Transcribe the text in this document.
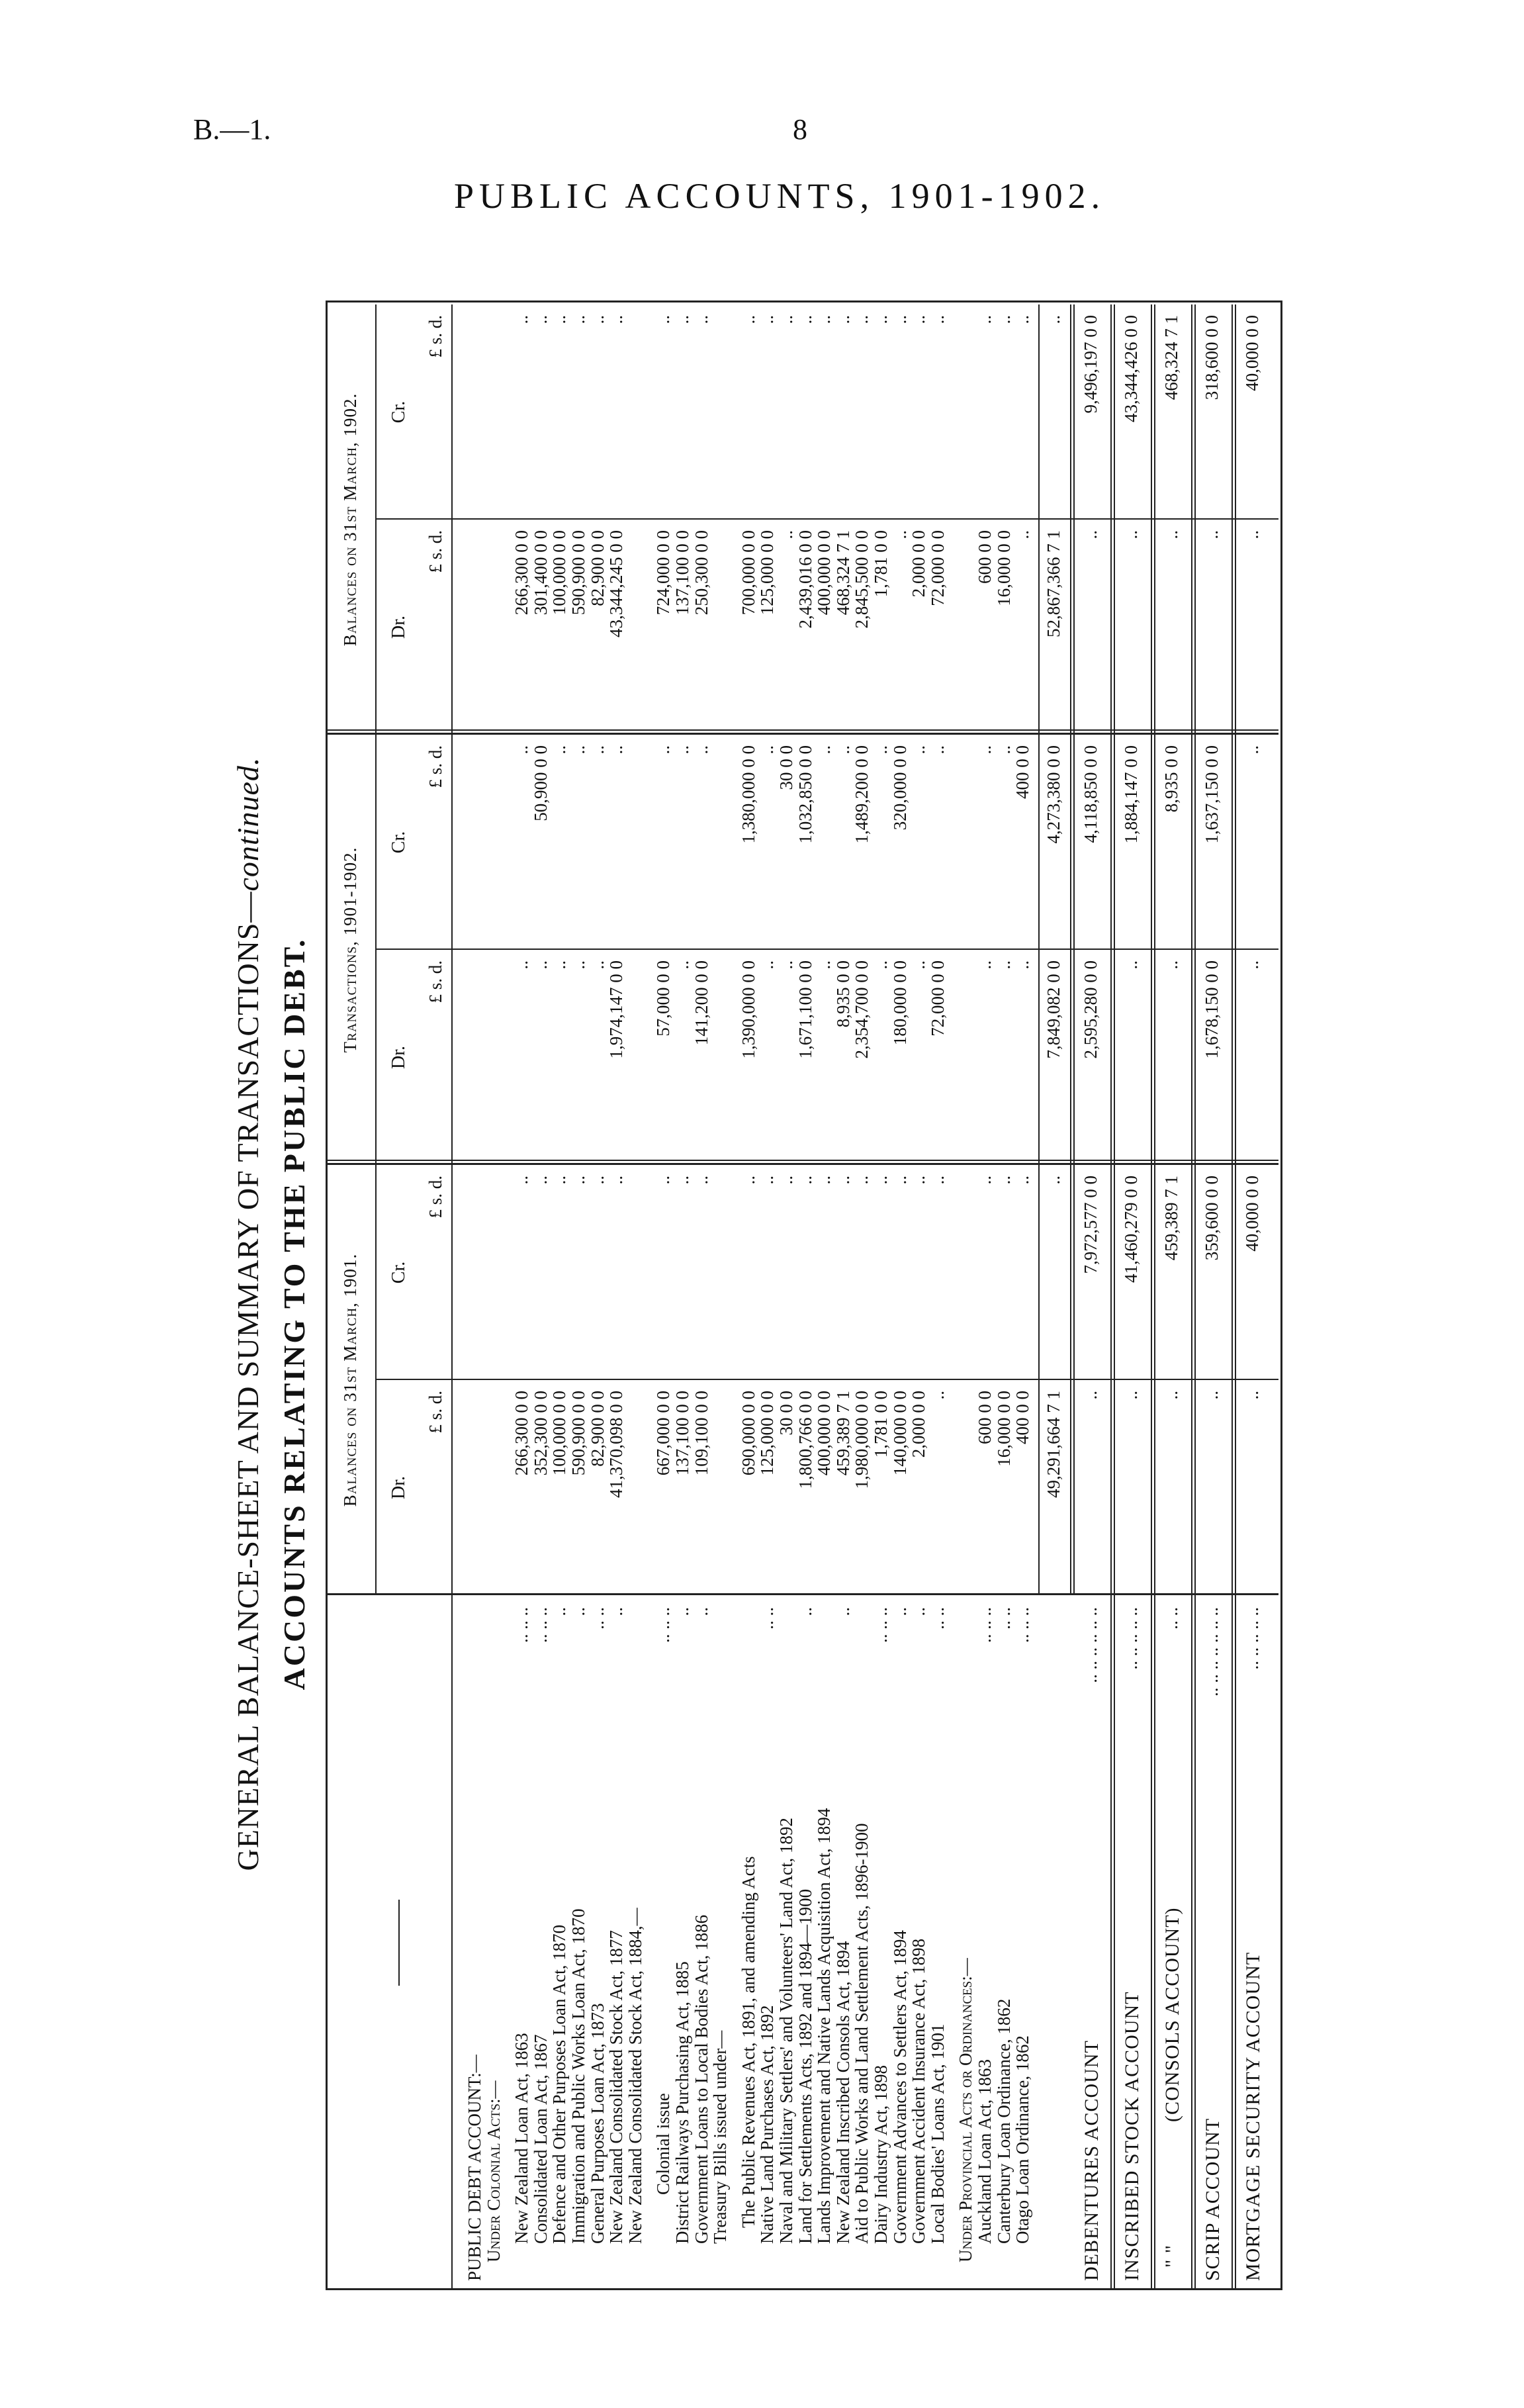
B.—1.	8
PUBLIC ACCOUNTS, 1901-1902.
GENERAL BALANCE-SHEET AND SUMMARY OF TRANSACTIONS—continued.
ACCOUNTS RELATING TO THE PUBLIC DEBT. Balances on 31st March, 1901.
Transactions, 1901-1902.
Balances on 31st March, 1902.
Dr.
£ s. d.
Cr.
£ s. d.
Dr.
£ s. d.
Cr.
£ s. d.
Dr.
£ s. d.
Cr.
£ s. d.
PUBLIC DEBT ACCOUNT:—
Under Colonial Acts:— New Zealand Loan Act, 1863
.. .. ..
266,300 0 0
..
..
..
266,300 0 0
..
Consolidated Loan Act, 1867
.. .. ..
352,300 0 0
..
..
50,900 0 0
301,400 0 0
..
Defence and Other Purposes Loan Act, 1870
..
100,000 0 0
..
..
..
100,000 0 0
..
Immigration and Public Works Loan Act, 1870
..
590,900 0 0
..
..
..
590,900 0 0
..
General Purposes Loan Act, 1873
.. ..
82,900 0 0
..
..
..
82,900 0 0
..
New Zealand Consolidated Stock Act, 1877
..
41,370,098 0 0
..
1,974,147 0 0
..
43,344,245 0 0
..
New Zealand Consolidated Stock Act, 1884,— Colonial issue
.. .. ..
667,000 0 0
..
57,000 0 0
..
724,000 0 0
..
District Railways Purchasing Act, 1885
..
137,100 0 0
..
..
..
137,100 0 0
..
Government Loans to Local Bodies Act, 1886
..
109,100 0 0
..
141,200 0 0
..
250,300 0 0
..
Treasury Bills issued under— The Public Revenues Act, 1891, and amending Acts
690,000 0 0
..
1,390,000 0 0
1,380,000 0 0
700,000 0 0
..
Native Land Purchases Act, 1892
.. ..
125,000 0 0
..
..
..
125,000 0 0
..
Naval and Military Settlers' and Volunteers' Land Act, 1892
30 0 0
..
..
30 0 0
..
..
Land for Settlements Acts, 1892 and 1894—1900
..
1,800,766 0 0
..
1,671,100 0 0
1,032,850 0 0
2,439,016 0 0
..
Lands Improvement and Native Lands Acquisition Act, 1894
400,000 0 0
..
..
..
400,000 0 0
..
New Zealand Inscribed Consols Act, 1894
..
459,389 7 1
..
8,935 0 0
..
468,324 7 1
..
Aid to Public Works and Land Settlement Acts, 1896-1900
1,980,000 0 0
..
2,354,700 0 0
1,489,200 0 0
2,845,500 0 0
..
Dairy Industry Act, 1898
.. .. ..
1,781 0 0
..
..
..
1,781 0 0
..
Government Advances to Settlers Act, 1894
..
140,000 0 0
..
180,000 0 0
320,000 0 0
..
..
Government Accident Insurance Act, 1898
..
2,000 0 0
..
..
..
2,000 0 0
..
Local Bodies' Loans Act, 1901
.. ..
..
..
72,000 0 0
..
72,000 0 0
..
Under Provincial Acts or Ordinances:—
Auckland Loan Act, 1863
.. .. ..
600 0 0
..
..
..
600 0 0
..
Canterbury Loan Ordinance, 1862
.. ..
16,000 0 0
..
..
..
16,000 0 0
..
Otago Loan Ordinance, 1862
.. .. ..
400 0 0
..
..
400 0 0
..
..
49,291,664 7 1
..
7,849,082 0 0
4,273,380 0 0
52,867,366 7 1
..
DEBENTURES ACCOUNT
.. .. .. .. .. ..
..
7,972,577 0 0
2,595,280 0 0
4,118,850 0 0
..
9,496,197 0 0
INSCRIBED STOCK ACCOUNT
.. .. .. .. ..
..
41,460,279 0 0
..
1,884,147 0 0
..
43,344,426 0 0
" "
(CONSOLS ACCOUNT)
.. ..
..
459,389 7 1
..
8,935 0 0
..
468,324 7 1
SCRIP ACCOUNT
.. .. .. .. .. .. ..
..
359,600 0 0
1,678,150 0 0
1,637,150 0 0
..
318,600 0 0
MORTGAGE SECURITY ACCOUNT
.. .. .. .. ..
..
40,000 0 0
..
..
..
40,000 0 0
